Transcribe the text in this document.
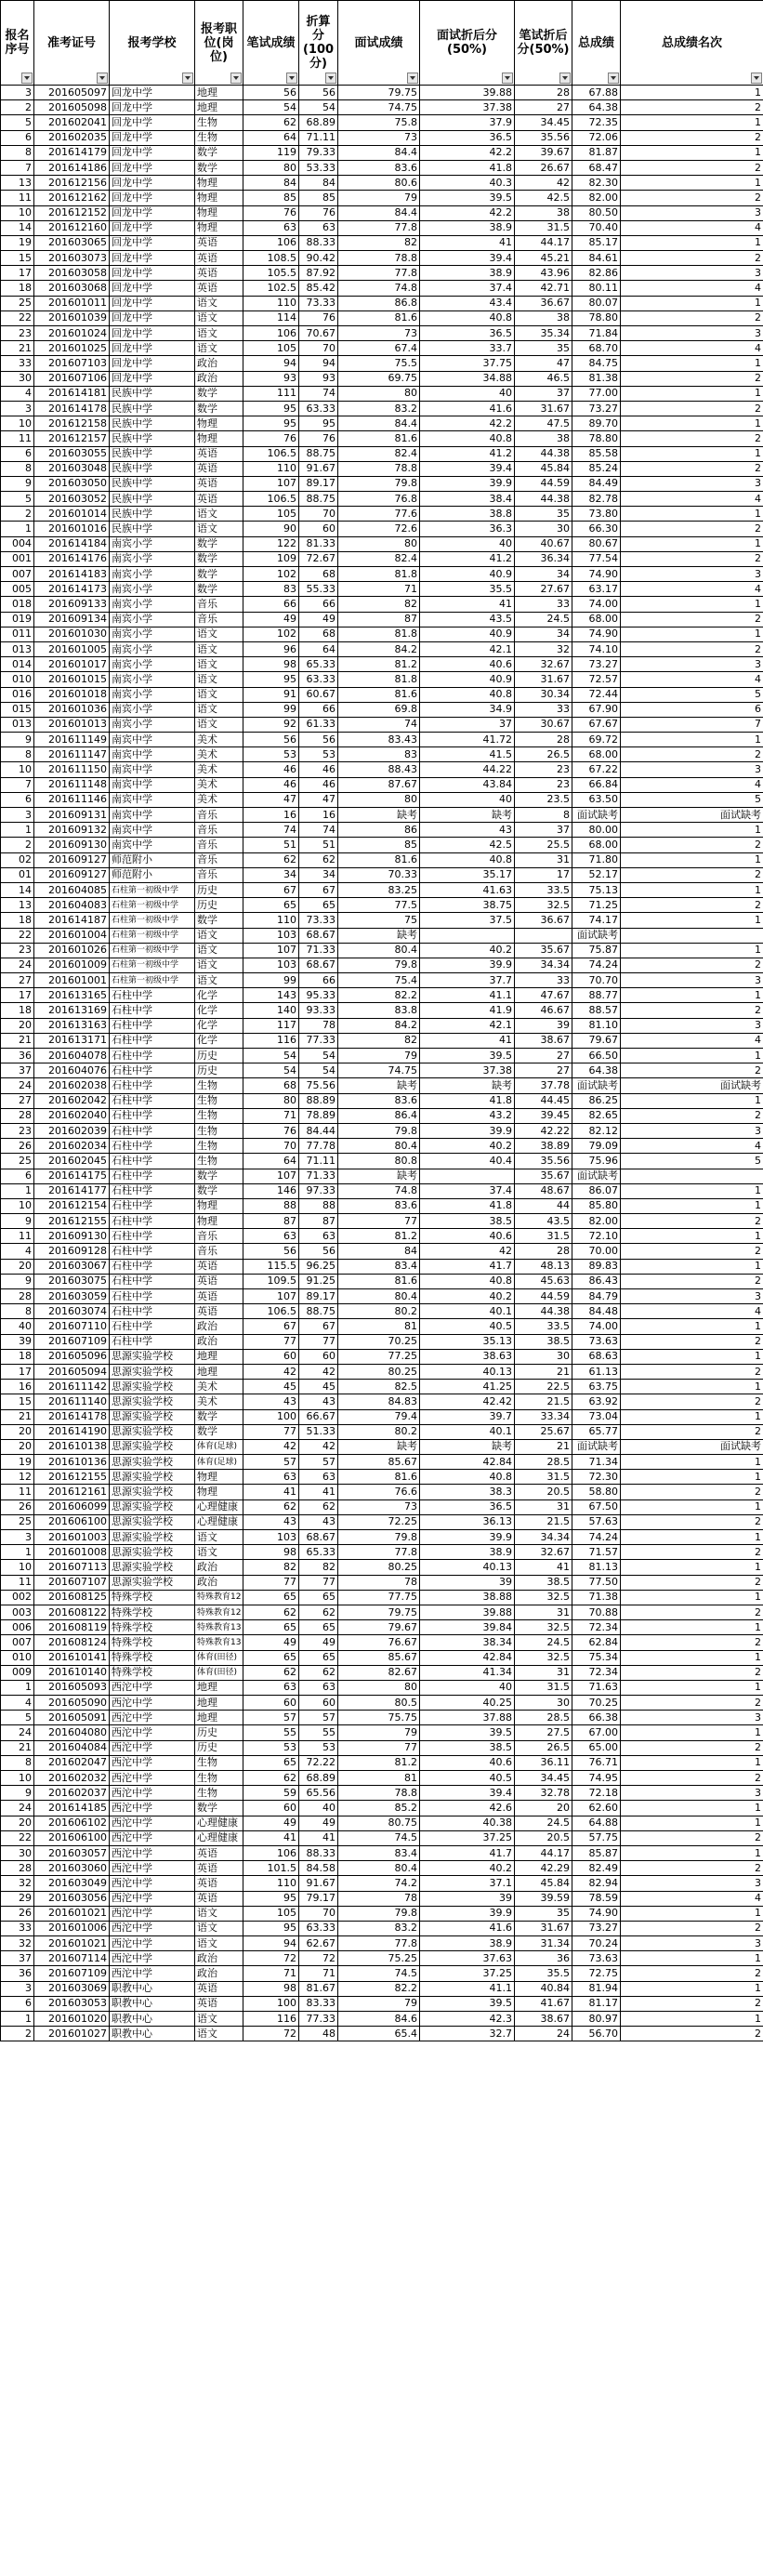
报名序号	准考证号	报考学校	报考职位(岗位)	笔试成绩	折算分(100分)	面试成绩	面试折后分(50%)	笔试折后分(50%)	总成绩	总成绩名次

3	201605097	回龙中学	地理	56	56	79.75	39.88	28	67.88	1	
2	201605098	回龙中学	地理	54	54	74.75	37.38	27	64.38	2	
5	201602041	回龙中学	生物	62	68.89	75.8	37.9	34.45	72.35	1	
6	201602035	回龙中学	生物	64	71.11	73	36.5	35.56	72.06	2	
8	201614179	回龙中学	数学	119	79.33	84.4	42.2	39.67	81.87	1	
7	201614186	回龙中学	数学	80	53.33	83.6	41.8	26.67	68.47	2	
13	201612156	回龙中学	物理	84	84	80.6	40.3	42	82.30	1	
11	201612162	回龙中学	物理	85	85	79	39.5	42.5	82.00	2	
10	201612152	回龙中学	物理	76	76	84.4	42.2	38	80.50	3	
14	201612160	回龙中学	物理	63	63	77.8	38.9	31.5	70.40	4	
19	201603065	回龙中学	英语	106	88.33	82	41	44.17	85.17	1	
15	201603073	回龙中学	英语	108.5	90.42	78.8	39.4	45.21	84.61	2	
17	201603058	回龙中学	英语	105.5	87.92	77.8	38.9	43.96	82.86	3	
18	201603068	回龙中学	英语	102.5	85.42	74.8	37.4	42.71	80.11	4	
25	201601011	回龙中学	语文	110	73.33	86.8	43.4	36.67	80.07	1	
22	201601039	回龙中学	语文	114	76	81.6	40.8	38	78.80	2	
23	201601024	回龙中学	语文	106	70.67	73	36.5	35.34	71.84	3	
21	201601025	回龙中学	语文	105	70	67.4	33.7	35	68.70	4	
33	201607103	回龙中学	政治	94	94	75.5	37.75	47	84.75	1	
30	201607106	回龙中学	政治	93	93	69.75	34.88	46.5	81.38	2	
4	201614181	民族中学	数学	111	74	80	40	37	77.00	1	
3	201614178	民族中学	数学	95	63.33	83.2	41.6	31.67	73.27	2	
10	201612158	民族中学	物理	95	95	84.4	42.2	47.5	89.70	1	
11	201612157	民族中学	物理	76	76	81.6	40.8	38	78.80	2	
6	201603055	民族中学	英语	106.5	88.75	82.4	41.2	44.38	85.58	1	
8	201603048	民族中学	英语	110	91.67	78.8	39.4	45.84	85.24	2	
9	201603050	民族中学	英语	107	89.17	79.8	39.9	44.59	84.49	3	
5	201603052	民族中学	英语	106.5	88.75	76.8	38.4	44.38	82.78	4	
2	201601014	民族中学	语文	105	70	77.6	38.8	35	73.80	1	
1	201601016	民族中学	语文	90	60	72.6	36.3	30	66.30	2	
004	201614184	南宾小学	数学	122	81.33	80	40	40.67	80.67	1	
001	201614176	南宾小学	数学	109	72.67	82.4	41.2	36.34	77.54	2	
007	201614183	南宾小学	数学	102	68	81.8	40.9	34	74.90	3	
005	201614173	南宾小学	数学	83	55.33	71	35.5	27.67	63.17	4	
018	201609133	南宾小学	音乐	66	66	82	41	33	74.00	1	
019	201609134	南宾小学	音乐	49	49	87	43.5	24.5	68.00	2	
011	201601030	南宾小学	语文	102	68	81.8	40.9	34	74.90	1	
013	201601005	南宾小学	语文	96	64	84.2	42.1	32	74.10	2	
014	201601017	南宾小学	语文	98	65.33	81.2	40.6	32.67	73.27	3	
010	201601015	南宾小学	语文	95	63.33	81.8	40.9	31.67	72.57	4	
016	201601018	南宾小学	语文	91	60.67	81.6	40.8	30.34	72.44	5	
015	201601036	南宾小学	语文	99	66	69.8	34.9	33	67.90	6	
013	201601013	南宾小学	语文	92	61.33	74	37	30.67	67.67	7	
9	201611149	南宾中学	美术	56	56	83.43	41.72	28	69.72	1	
8	201611147	南宾中学	美术	53	53	83	41.5	26.5	68.00	2	
10	201611150	南宾中学	美术	46	46	88.43	44.22	23	67.22	3	
7	201611148	南宾中学	美术	46	46	87.67	43.84	23	66.84	4	
6	201611146	南宾中学	美术	47	47	80	40	23.5	63.50	5	
3	201609131	南宾中学	音乐	16	16	缺考	缺考	8	面试缺考	面试缺考	
1	201609132	南宾中学	音乐	74	74	86	43	37	80.00	1	
2	201609130	南宾中学	音乐	51	51	85	42.5	25.5	68.00	2	
02	201609127	师范附小	音乐	62	62	81.6	40.8	31	71.80	1	
01	201609127	师范附小	音乐	34	34	70.33	35.17	17	52.17	2	
14	201604085	石柱第一初级中学	历史	67	67	83.25	41.63	33.5	75.13	1	
13	201604083	石柱第一初级中学	历史	65	65	77.5	38.75	32.5	71.25	2	
18	201614187	石柱第一初级中学	数学	110	73.33	75	37.5	36.67	74.17	1	
22	201601004	石柱第一初级中学	语文	103	68.67	缺考			面试缺考		
23	201601026	石柱第一初级中学	语文	107	71.33	80.4	40.2	35.67	75.87	1	
24	201601009	石柱第一初级中学	语文	103	68.67	79.8	39.9	34.34	74.24	2	
27	201601001	石柱第一初级中学	语文	99	66	75.4	37.7	33	70.70	3	
17	201613165	石柱中学	化学	143	95.33	82.2	41.1	47.67	88.77	1	
18	201613169	石柱中学	化学	140	93.33	83.8	41.9	46.67	88.57	2	
20	201613163	石柱中学	化学	117	78	84.2	42.1	39	81.10	3	
21	201613171	石柱中学	化学	116	77.33	82	41	38.67	79.67	4	
36	201604078	石柱中学	历史	54	54	79	39.5	27	66.50	1	
37	201604076	石柱中学	历史	54	54	74.75	37.38	27	64.38	2	
24	201602038	石柱中学	生物	68	75.56	缺考	缺考	37.78	面试缺考	面试缺考	
27	201602042	石柱中学	生物	80	88.89	83.6	41.8	44.45	86.25	1	
28	201602040	石柱中学	生物	71	78.89	86.4	43.2	39.45	82.65	2	
23	201602039	石柱中学	生物	76	84.44	79.8	39.9	42.22	82.12	3	
26	201602034	石柱中学	生物	70	77.78	80.4	40.2	38.89	79.09	4	
25	201602045	石柱中学	生物	64	71.11	80.8	40.4	35.56	75.96	5	
6	201614175	石柱中学	数学	107	71.33	缺考		35.67	面试缺考		
1	201614177	石柱中学	数学	146	97.33	74.8	37.4	48.67	86.07	1	
10	201612154	石柱中学	物理	88	88	83.6	41.8	44	85.80	1	
9	201612155	石柱中学	物理	87	87	77	38.5	43.5	82.00	2	
11	201609130	石柱中学	音乐	63	63	81.2	40.6	31.5	72.10	1	
4	201609128	石柱中学	音乐	56	56	84	42	28	70.00	2	
20	201603067	石柱中学	英语	115.5	96.25	83.4	41.7	48.13	89.83	1	
9	201603075	石柱中学	英语	109.5	91.25	81.6	40.8	45.63	86.43	2	
28	201603059	石柱中学	英语	107	89.17	80.4	40.2	44.59	84.79	3	
8	201603074	石柱中学	英语	106.5	88.75	80.2	40.1	44.38	84.48	4	
40	201607110	石柱中学	政治	67	67	81	40.5	33.5	74.00	1	
39	201607109	石柱中学	政治	77	77	70.25	35.13	38.5	73.63	2	
18	201605096	思源实验学校	地理	60	60	77.25	38.63	30	68.63	1	
17	201605094	思源实验学校	地理	42	42	80.25	40.13	21	61.13	2	
16	201611142	思源实验学校	美术	45	45	82.5	41.25	22.5	63.75	1	
15	201611140	思源实验学校	美术	43	43	84.83	42.42	21.5	63.92	2	
21	201614178	思源实验学校	数学	100	66.67	79.4	39.7	33.34	73.04	1	
20	201614190	思源实验学校	数学	77	51.33	80.2	40.1	25.67	65.77	2	
20	201610138	思源实验学校	体育(足球)	42	42	缺考	缺考	21	面试缺考	面试缺考	
19	201610136	思源实验学校	体育(足球)	57	57	85.67	42.84	28.5	71.34	1	
12	201612155	思源实验学校	物理	63	63	81.6	40.8	31.5	72.30	1	
11	201612161	思源实验学校	物理	41	41	76.6	38.3	20.5	58.80	2	
26	201606099	思源实验学校	心理健康	62	62	73	36.5	31	67.50	1	
25	201606100	思源实验学校	心理健康	43	43	72.25	36.13	21.5	57.63	2	
3	201601003	思源实验学校	语文	103	68.67	79.8	39.9	34.34	74.24	1	
1	201601008	思源实验学校	语文	98	65.33	77.8	38.9	32.67	71.57	2	
10	201607113	思源实验学校	政治	82	82	80.25	40.13	41	81.13	1	
11	201607107	思源实验学校	政治	77	77	78	39	38.5	77.50	2	
002	201608125	特殊学校	特殊教育12	65	65	77.75	38.88	32.5	71.38	1	
003	201608122	特殊学校	特殊教育12	62	62	79.75	39.88	31	70.88	2	
006	201608119	特殊学校	特殊教育13	65	65	79.67	39.84	32.5	72.34	1	
007	201608124	特殊学校	特殊教育13	49	49	76.67	38.34	24.5	62.84	2	
010	201610141	特殊学校	体育(田径)	65	65	85.67	42.84	32.5	75.34	1	
009	201610140	特殊学校	体育(田径)	62	62	82.67	41.34	31	72.34	2	
1	201605093	西沱中学	地理	63	63	80	40	31.5	71.63	1	
4	201605090	西沱中学	地理	60	60	80.5	40.25	30	70.25	2	
5	201605091	西沱中学	地理	57	57	75.75	37.88	28.5	66.38	3	
24	201604080	西沱中学	历史	55	55	79	39.5	27.5	67.00	1	
21	201604084	西沱中学	历史	53	53	77	38.5	26.5	65.00	2	
8	201602047	西沱中学	生物	65	72.22	81.2	40.6	36.11	76.71	1	
10	201602032	西沱中学	生物	62	68.89	81	40.5	34.45	74.95	2	
9	201602037	西沱中学	生物	59	65.56	78.8	39.4	32.78	72.18	3	
24	201614185	西沱中学	数学	60	40	85.2	42.6	20	62.60	1	
20	201606102	西沱中学	心理健康	49	49	80.75	40.38	24.5	64.88	1	
22	201606100	西沱中学	心理健康	41	41	74.5	37.25	20.5	57.75	2	
30	201603057	西沱中学	英语	106	88.33	83.4	41.7	44.17	85.87	1	
28	201603060	西沱中学	英语	101.5	84.58	80.4	40.2	42.29	82.49	2	
32	201603049	西沱中学	英语	110	91.67	74.2	37.1	45.84	82.94	3	
29	201603056	西沱中学	英语	95	79.17	78	39	39.59	78.59	4	
26	201601021	西沱中学	语文	105	70	79.8	39.9	35	74.90	1	
33	201601006	西沱中学	语文	95	63.33	83.2	41.6	31.67	73.27	2	
32	201601021	西沱中学	语文	94	62.67	77.8	38.9	31.34	70.24	3	
37	201607114	西沱中学	政治	72	72	75.25	37.63	36	73.63	1	
36	201607109	西沱中学	政治	71	71	74.5	37.25	35.5	72.75	2	
3	201603069	职教中心	英语	98	81.67	82.2	41.1	40.84	81.94	1	
6	201603053	职教中心	英语	100	83.33	79	39.5	41.67	81.17	2	
1	201601020	职教中心	语文	116	77.33	84.6	42.3	38.67	80.97	1	
2	201601027	职教中心	语文	72	48	65.4	32.7	24	56.70	2	
